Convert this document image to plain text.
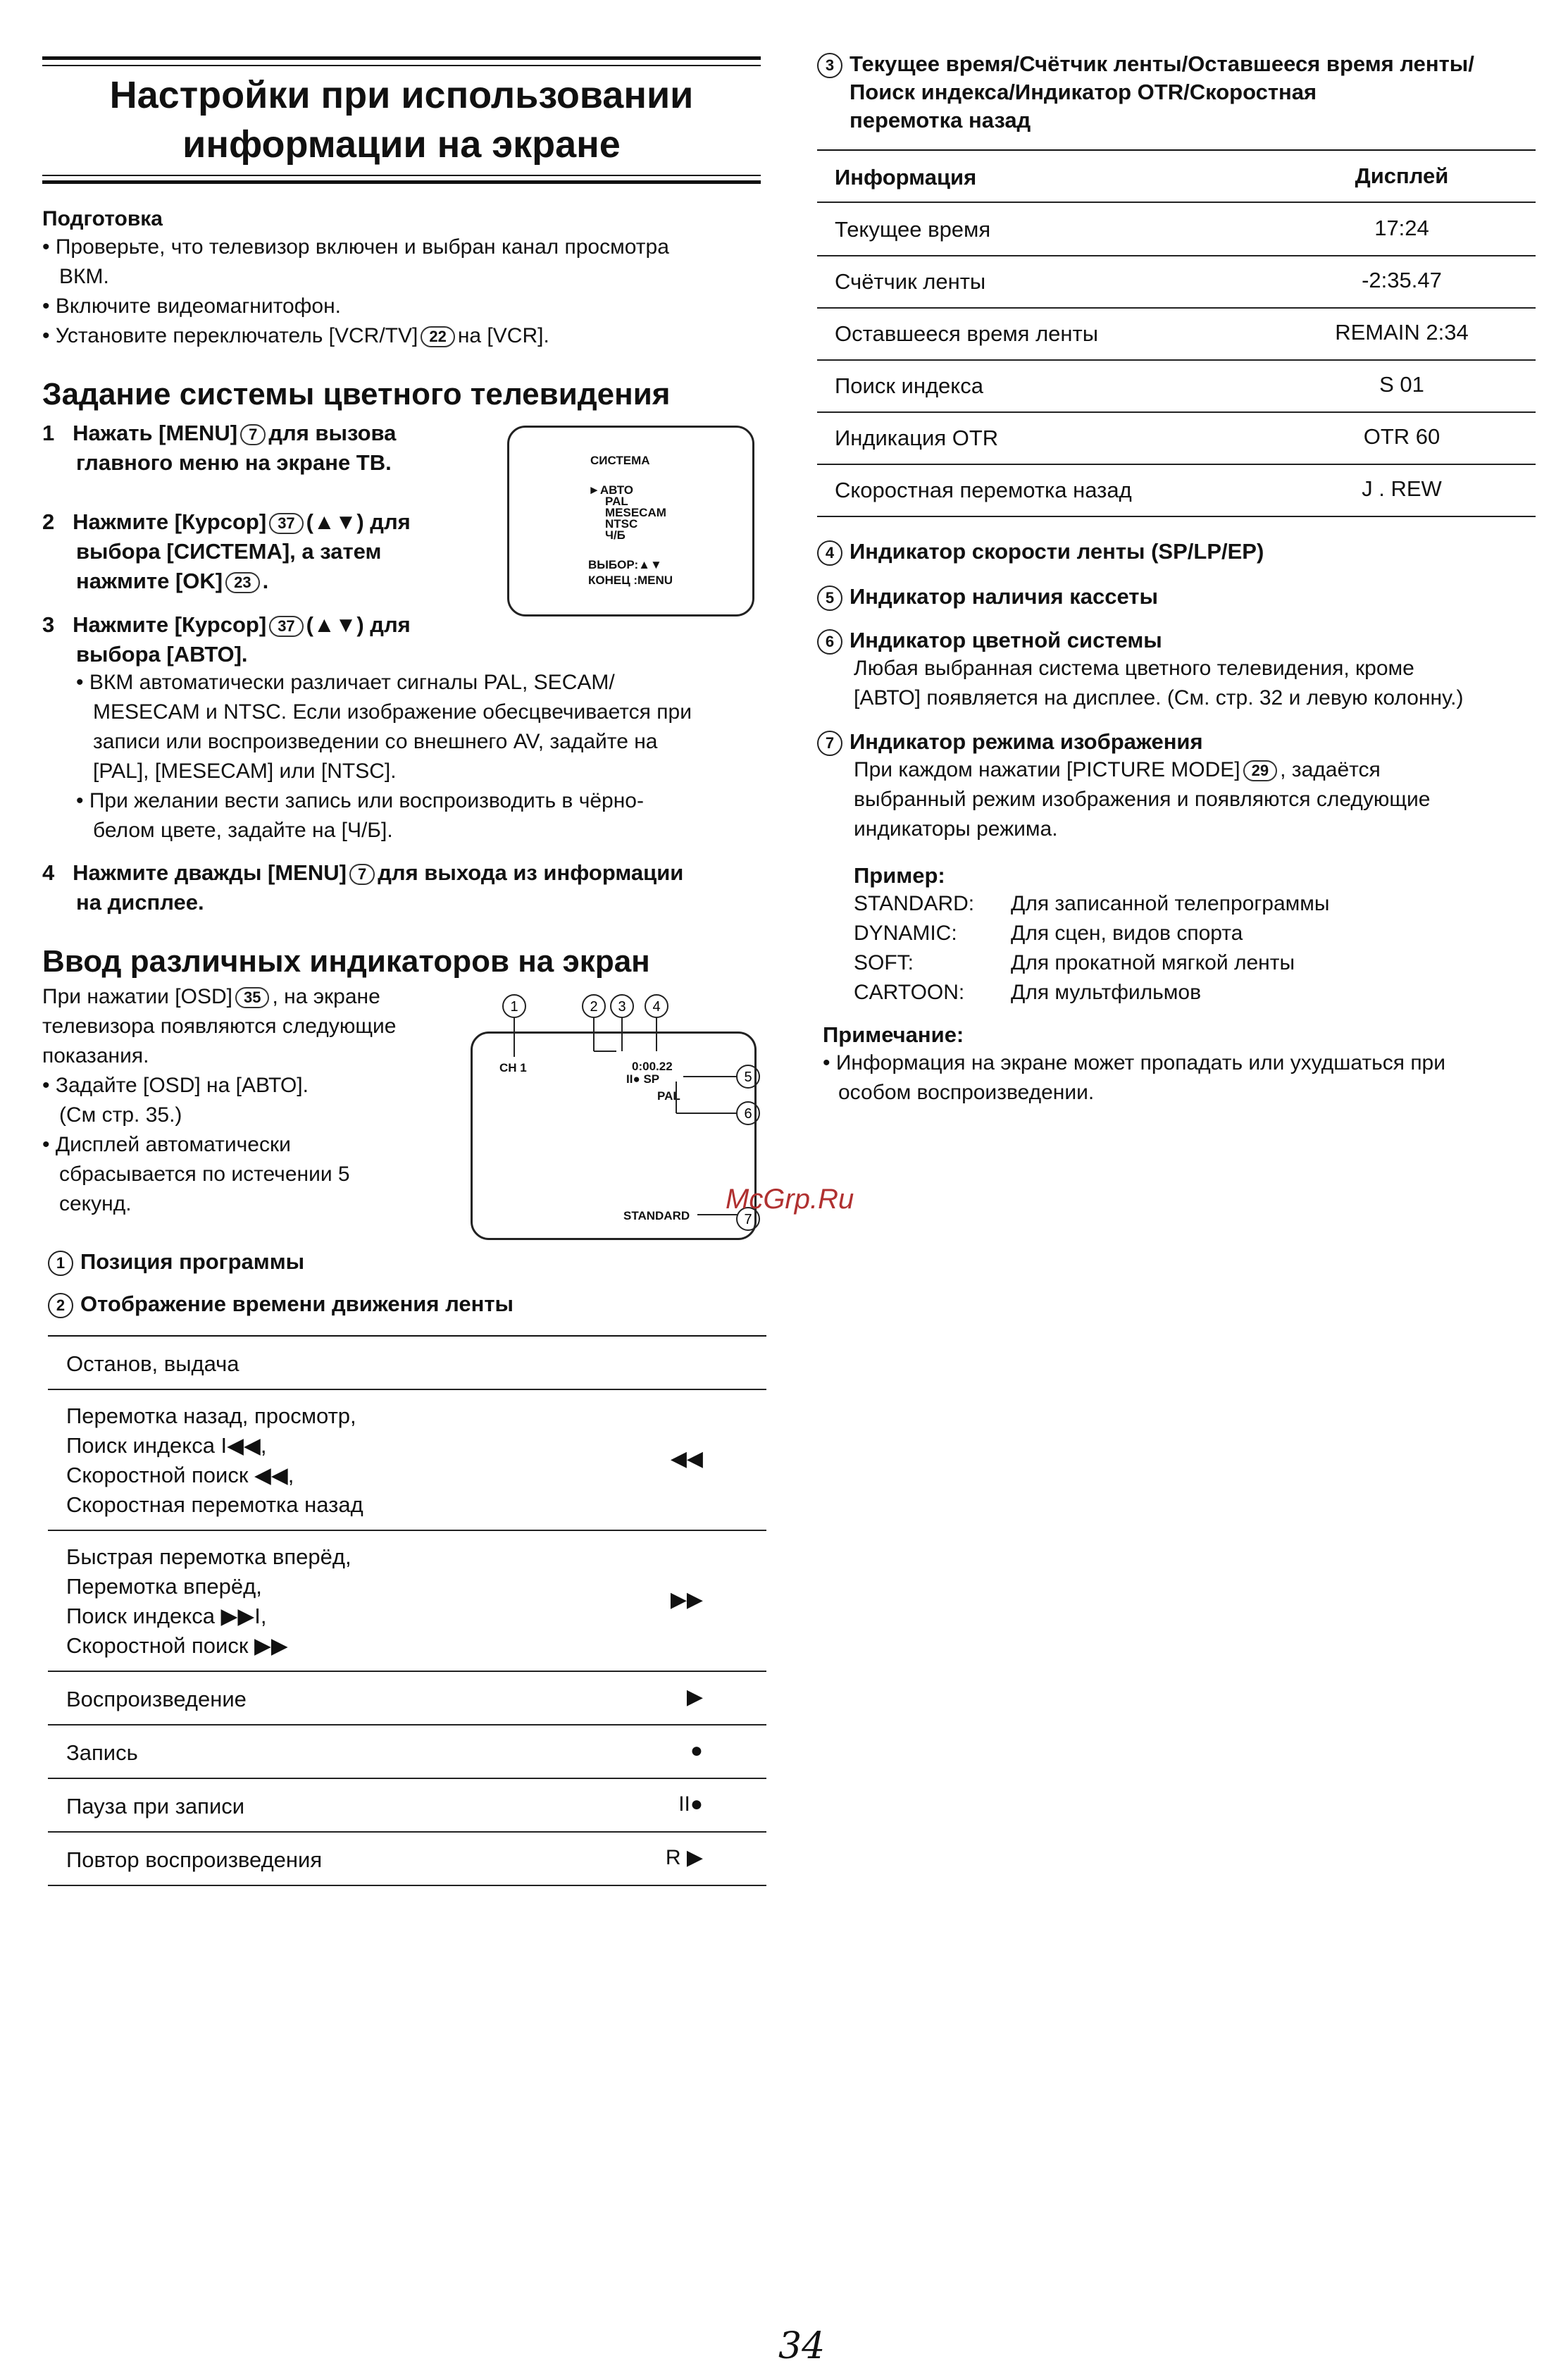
Настройки при использовании
информации на экране
Подготовка
• Проверьте, что телевизор включен и выбран канал просмотра
ВКМ.
• Включите видеомагнитофон.
• Установите переключатель [VCR/TV] 22 на [VCR].
Задание системы цветного телевидения
1 Нажать [MENU] 7 для вызова
главного меню на экране ТВ.
2 Нажмите [Курсор] 37 (▲▼) для
выбора [СИСТЕМА], а затем
нажмите [OK] 23 .
СИСТЕМА
►АВТО
PAL
MESECAM
NTSC
Ч/Б
ВЫБОР:▲▼
КОНЕЦ :MENU
3 Нажмите [Курсор] 37 (▲▼) для
выбора [АВТО].
• ВКМ автоматически различает сигналы PAL, SECAM/
MESECAM и NTSC. Если изображение обесцвечивается при
записи или воспроизведении со внешнего AV, задайте на
[PAL], [MESECAM] или [NTSC].
• При желании вести запись или воспроизводить в чёрно-
белом цвете, задайте на [Ч/Б].
4 Нажмите дважды [MENU] 7 для выхода из информации
на дисплее.
Ввод различных индикаторов на экран
При нажатии [OSD] 35 , на экране
телевизора появляются следующие
показания.
• Задайте [OSD] на [АВТО].
(См стр. 35.)
• Дисплей автоматически
сбрасывается по истечении 5
секунд.
CH 1	0:00.22
II● SP
PAL
STANDARD
1	2 3 4
5
6
7
McGrp.Ru
1 Позиция программы
2 Отображение времени движения ленты
Останов, выдача
Перемотка назад, просмотр,
Поиск индекса I◀◀,
Скоростной поиск ◀◀,
Скоростная перемотка назад
◀◀
Быстрая перемотка вперёд,
Перемотка вперёд,
Поиск индекса ▶▶I,
Скоростной поиск ▶▶
▶▶
Воспроизведение	▶
Запись	●
Пауза при записи	II●
Повтор воспроизведения	R ▶
3 Текущее время/Счётчик ленты/Оставшееся время ленты/
Поиск индекса/Индикатор OTR/Скоростная
перемотка назад
Информация	Дисплей
Текущее время	17:24
Счётчик ленты	-2:35.47
Оставшееся время ленты	REMAIN 2:34
Поиск индекса	S 01
Индикация OTR	OTR 60
Скоростная перемотка назад	J . REW
4 Индикатор скорости ленты (SP/LP/EP)
5 Индикатор наличия кассеты
6 Индикатор цветной системы
Любая выбранная система цветного телевидения, кроме
[АВТО] появляется на дисплее. (См. стр. 32 и левую колонну.)
7 Индикатор режима изображения
При каждом нажатии [PICTURE MODE] 29 , задаётся
выбранный режим изображения и появляются следующие
индикаторы режима.
Пример:
STANDARD: Для записанной телепрограммы
DYNAMIC:	Для сцен, видов спорта
SOFT:	Для прокатной мягкой ленты
CARTOON: Для мультфильмов
Примечание:
• Информация на экране может пропадать или ухудшаться при
особом воспроизведении.
34
